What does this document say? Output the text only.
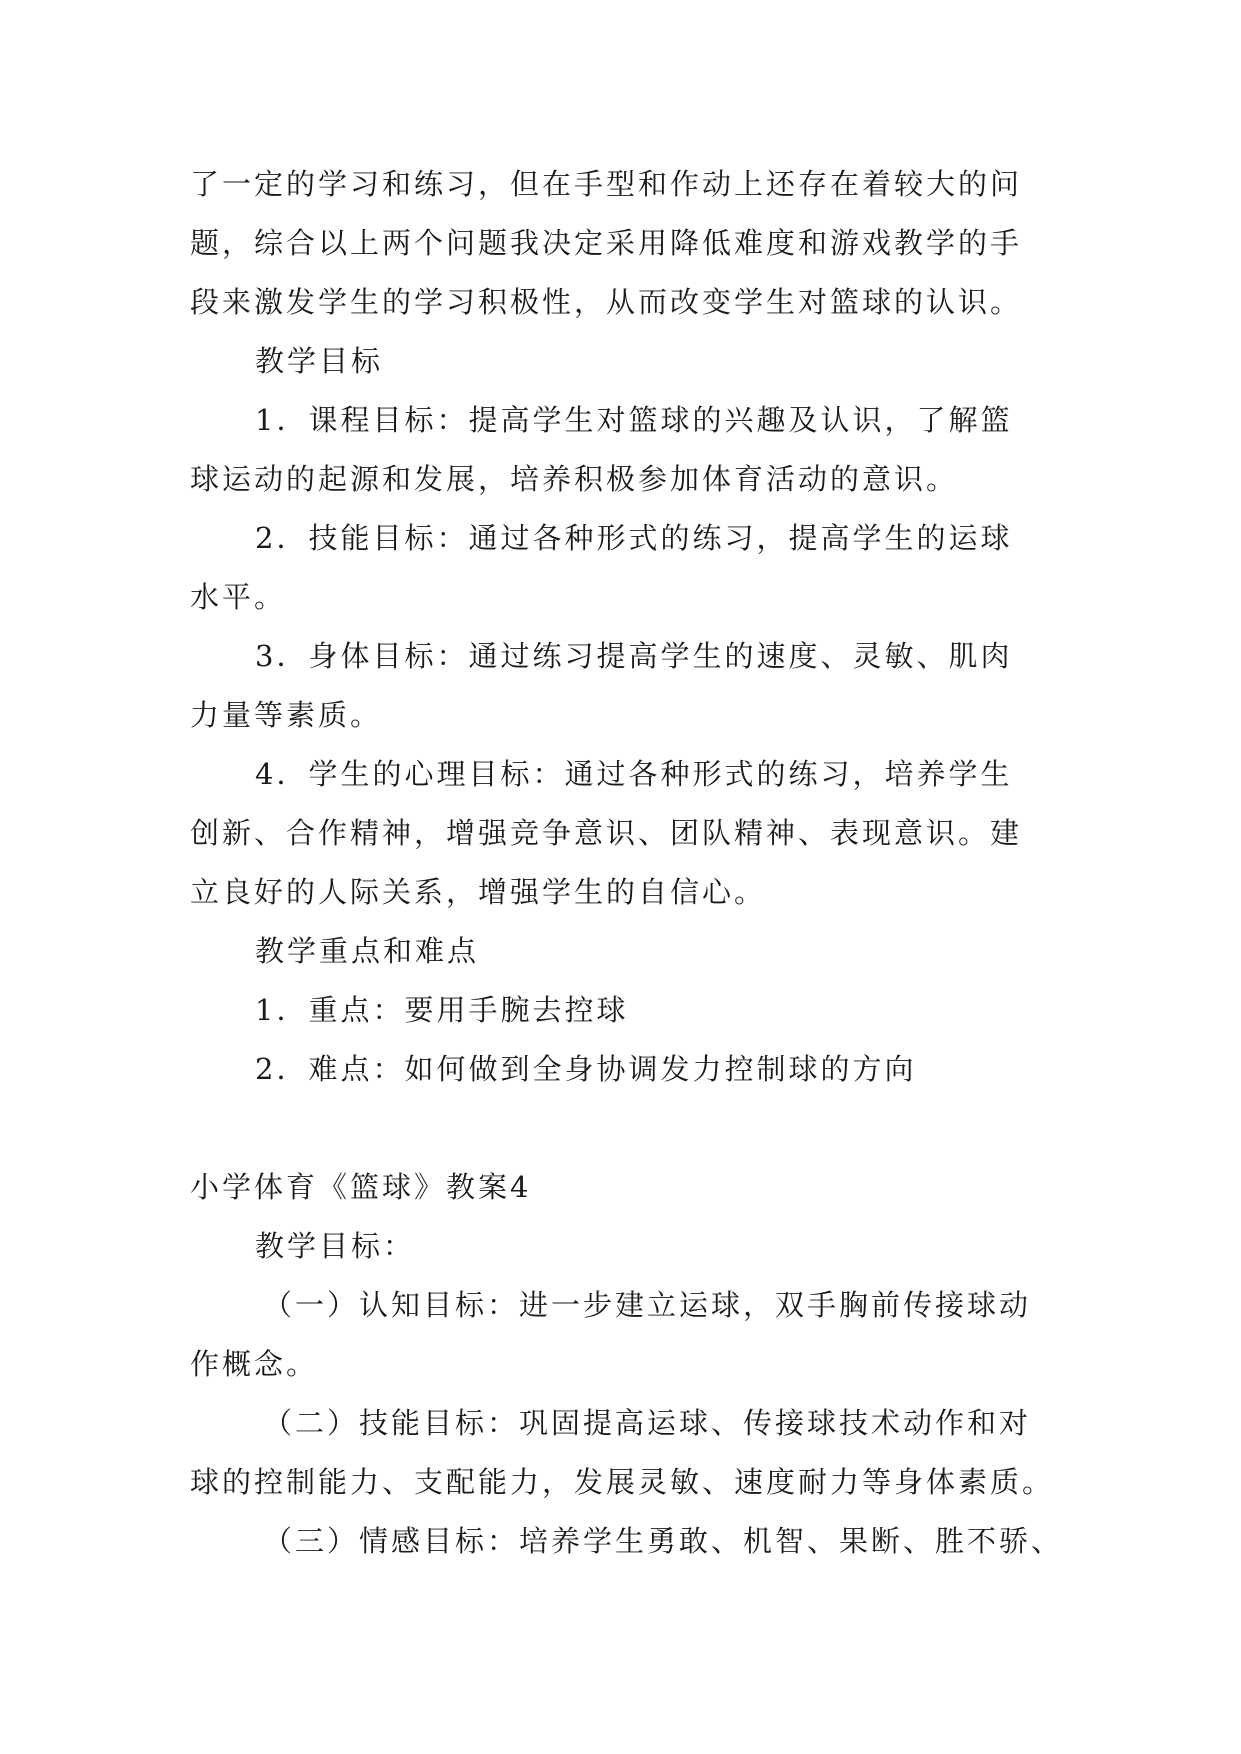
了一定的学习和练习，但在手型和作动上还存在着较大的问
题，综合以上两个问题我决定采用降低难度和游戏教学的手
段来激发学生的学习积极性，从而改变学生对篮球的认识。
教学目标
1．课程目标：提高学生对篮球的兴趣及认识，了解篮
球运动的起源和发展，培养积极参加体育活动的意识。
2．技能目标：通过各种形式的练习，提高学生的运球
水平。
3．身体目标：通过练习提高学生的速度、灵敏、肌肉
力量等素质。
4．学生的心理目标：通过各种形式的练习，培养学生
创新、合作精神，增强竞争意识、团队精神、表现意识。建
立良好的人际关系，增强学生的自信心。
教学重点和难点
1．重点：要用手腕去控球
2．难点：如何做到全身协调发力控制球的方向
小学体育《篮球》教案4
教学目标：
（一）认知目标：进一步建立运球，双手胸前传接球动
作概念。
（二）技能目标：巩固提高运球、传接球技术动作和对
球的控制能力、支配能力，发展灵敏、速度耐力等身体素质。
（三）情感目标：培养学生勇敢、机智、果断、胜不骄、
